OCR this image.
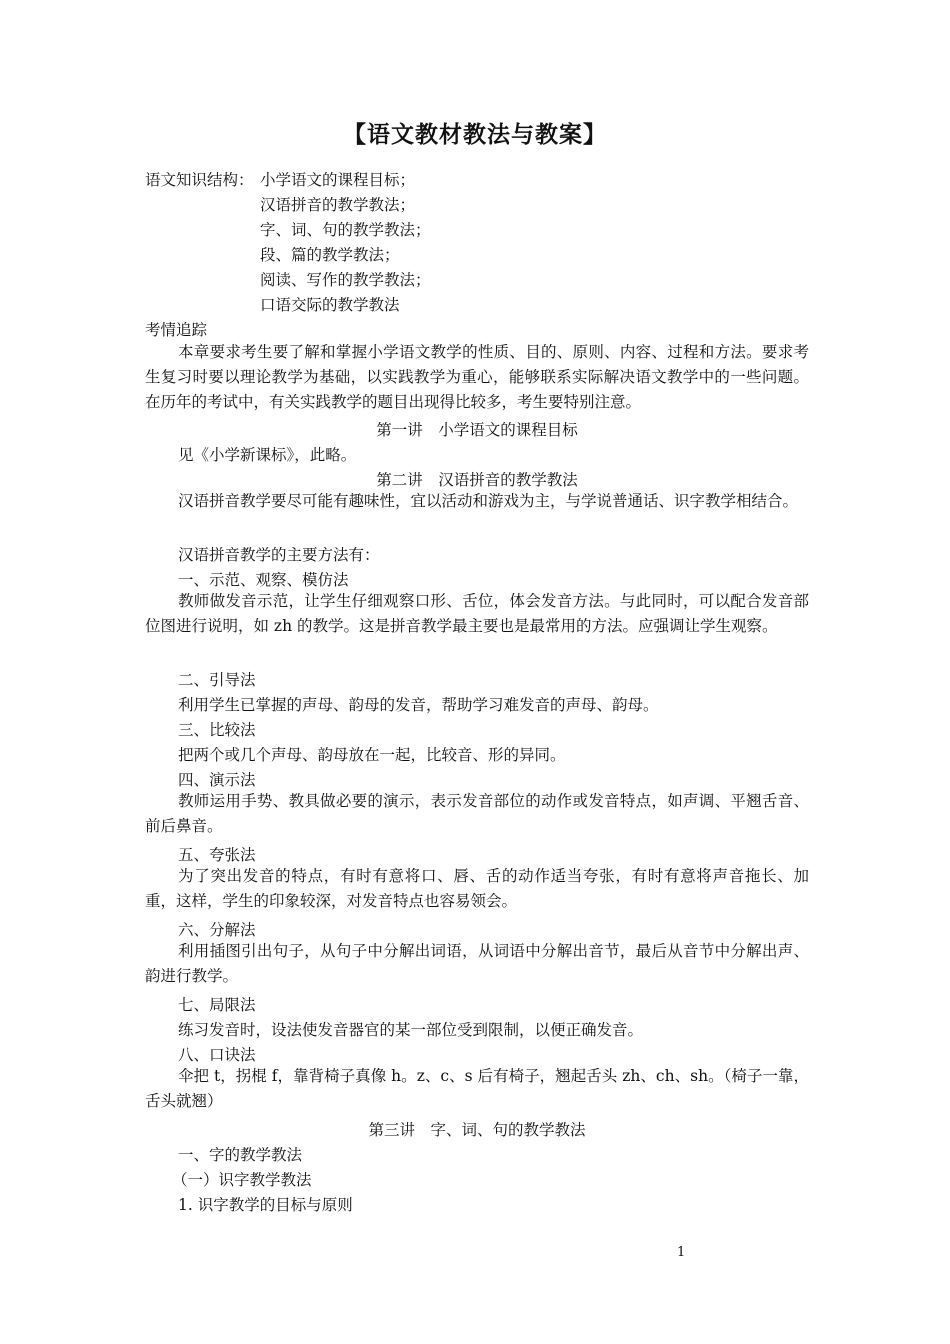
【语文教材教法与教案】
语文知识结构： 小学语文的课程目标；
汉语拼音的教学教法；
字、词、句的教学教法；
段、篇的教学教法；
阅读、写作的教学教法；
口语交际的教学教法
考情追踪
本章要求考生要了解和掌握小学语文教学的性质、目的、原则、内容、过程和方法。要求考生复习时要以理论教学为基础，以实践教学为重心，能够联系实际解决语文教学中的一些问题。在历年的考试中，有关实践教学的题目出现得比较多，考生要特别注意。
第一讲　小学语文的课程目标
见《小学新课标》，此略。
第二讲　汉语拼音的教学教法
汉语拼音教学要尽可能有趣味性，宜以活动和游戏为主，与学说普通话、识字教学相结合。
汉语拼音教学的主要方法有：
一、示范、观察、模仿法
教师做发音示范，让学生仔细观察口形、舌位，体会发音方法。与此同时，可以配合发音部位图进行说明，如 zh 的教学。这是拼音教学最主要也是最常用的方法。应强调让学生观察。
二、引导法
利用学生已掌握的声母、韵母的发音，帮助学习难发音的声母、韵母。
三、比较法
把两个或几个声母、韵母放在一起，比较音、形的异同。
四、演示法
教师运用手势、教具做必要的演示，表示发音部位的动作或发音特点，如声调、平翘舌音、前后鼻音。
五、夸张法
为了突出发音的特点，有时有意将口、唇、舌的动作适当夸张，有时有意将声音拖长、加重，这样，学生的印象较深，对发音特点也容易领会。
六、分解法
利用插图引出句子，从句子中分解出词语，从词语中分解出音节，最后从音节中分解出声、韵进行教学。
七、局限法
练习发音时，设法使发音器官的某一部位受到限制，以便正确发音。
八、口诀法
伞把 t，拐棍 f，靠背椅子真像 h。z、c、s 后有椅子，翘起舌头 zh、ch、sh。（椅子一靠，舌头就翘）
第三讲　字、词、句的教学教法
一、字的教学教法
（一）识字教学教法
1. 识字教学的目标与原则
1
